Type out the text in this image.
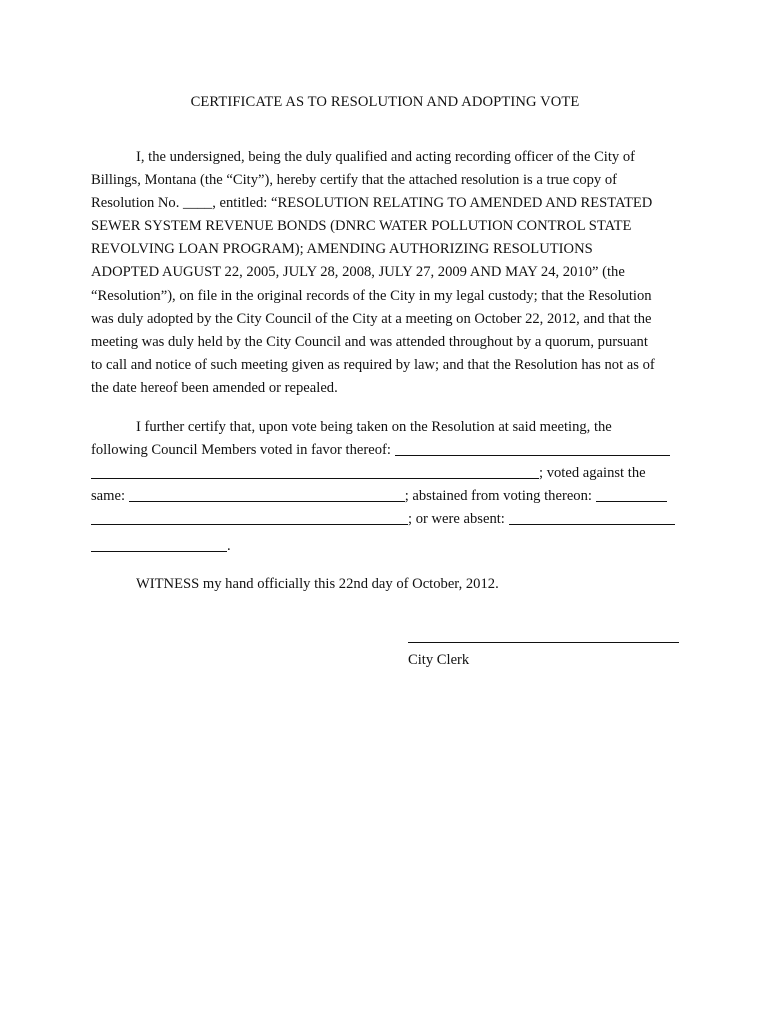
CERTIFICATE AS TO RESOLUTION AND ADOPTING VOTE
I, the undersigned, being the duly qualified and acting recording officer of the City of
Billings, Montana (the “City”), hereby certify that the attached resolution is a true copy of
Resolution No. ____, entitled: “RESOLUTION RELATING TO AMENDED AND RESTATED
SEWER SYSTEM REVENUE BONDS (DNRC WATER POLLUTION CONTROL STATE
REVOLVING LOAN PROGRAM); AMENDING AUTHORIZING RESOLUTIONS
ADOPTED AUGUST 22, 2005, JULY 28, 2008, JULY 27, 2009 AND MAY 24, 2010” (the
“Resolution”), on file in the original records of the City in my legal custody; that the Resolution
was duly adopted by the City Council of the City at a meeting on October 22, 2012, and that the
meeting was duly held by the City Council and was attended throughout by a quorum, pursuant
to call and notice of such meeting given as required by law; and that the Resolution has not as of
the date hereof been amended or repealed.
I further certify that, upon vote being taken on the Resolution at said meeting, the
following Council Members voted in favor thereof:
; voted against the
same:	; abstained from voting thereon:
; or were absent:
.
WITNESS my hand officially this 22nd day of October, 2012.
City Clerk
